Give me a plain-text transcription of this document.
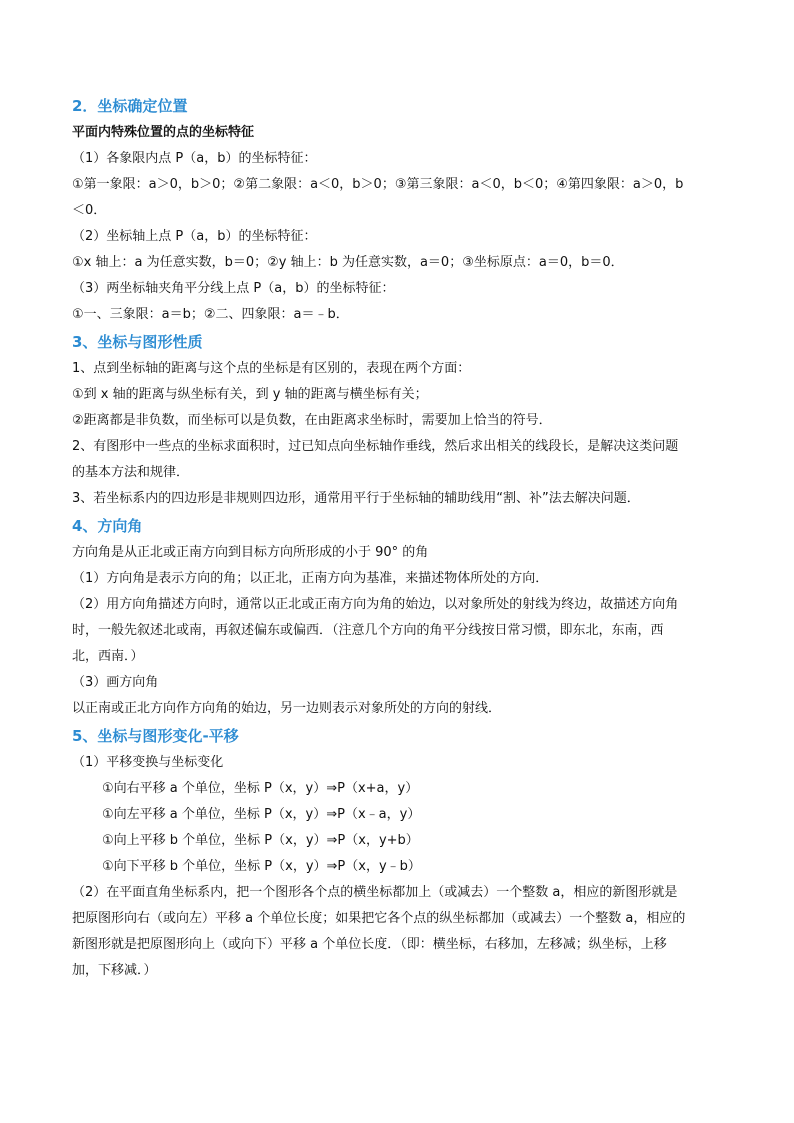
2．坐标确定位置
平面内特殊位置的点的坐标特征
（1）各象限内点 P（a，b）的坐标特征：
①第一象限：a＞0，b＞0；②第二象限：a＜0，b＞0；③第三象限：a＜0，b＜0；④第四象限：a＞0，b
＜0．
（2）坐标轴上点 P（a，b）的坐标特征：
①x 轴上：a 为任意实数，b＝0；②y 轴上：b 为任意实数，a＝0；③坐标原点：a＝0，b＝0．
（3）两坐标轴夹角平分线上点 P（a，b）的坐标特征：
①一、三象限：a＝b；②二、四象限：a＝﹣b．
3、坐标与图形性质
1、点到坐标轴的距离与这个点的坐标是有区别的，表现在两个方面：
①到 x 轴的距离与纵坐标有关，到 y 轴的距离与横坐标有关；
②距离都是非负数，而坐标可以是负数，在由距离求坐标时，需要加上恰当的符号．
2、有图形中一些点的坐标求面积时，过已知点向坐标轴作垂线，然后求出相关的线段长，是解决这类问题
的基本方法和规律．
3、若坐标系内的四边形是非规则四边形，通常用平行于坐标轴的辅助线用“割、补”法去解决问题．
4、方向角
方向角是从正北或正南方向到目标方向所形成的小于 90° 的角
（1）方向角是表示方向的角；以正北，正南方向为基准，来描述物体所处的方向．
（2）用方向角描述方向时，通常以正北或正南方向为角的始边，以对象所处的射线为终边，故描述方向角
时，一般先叙述北或南，再叙述偏东或偏西．（注意几个方向的角平分线按日常习惯，即东北，东南，西
北，西南．）
（3）画方向角
以正南或正北方向作方向角的始边，另一边则表示对象所处的方向的射线．
5、坐标与图形变化-平移
（1）平移变换与坐标变化
①向右平移 a 个单位，坐标 P（x，y）⇒P（x+a，y）
①向左平移 a 个单位，坐标 P（x，y）⇒P（x﹣a，y）
①向上平移 b 个单位，坐标 P（x，y）⇒P（x，y+b）
①向下平移 b 个单位，坐标 P（x，y）⇒P（x，y﹣b）
（2）在平面直角坐标系内，把一个图形各个点的横坐标都加上（或减去）一个整数 a，相应的新图形就是
把原图形向右（或向左）平移 a 个单位长度；如果把它各个点的纵坐标都加（或减去）一个整数 a，相应的
新图形就是把原图形向上（或向下）平移 a 个单位长度．（即：横坐标，右移加，左移减；纵坐标，上移
加，下移减．）
